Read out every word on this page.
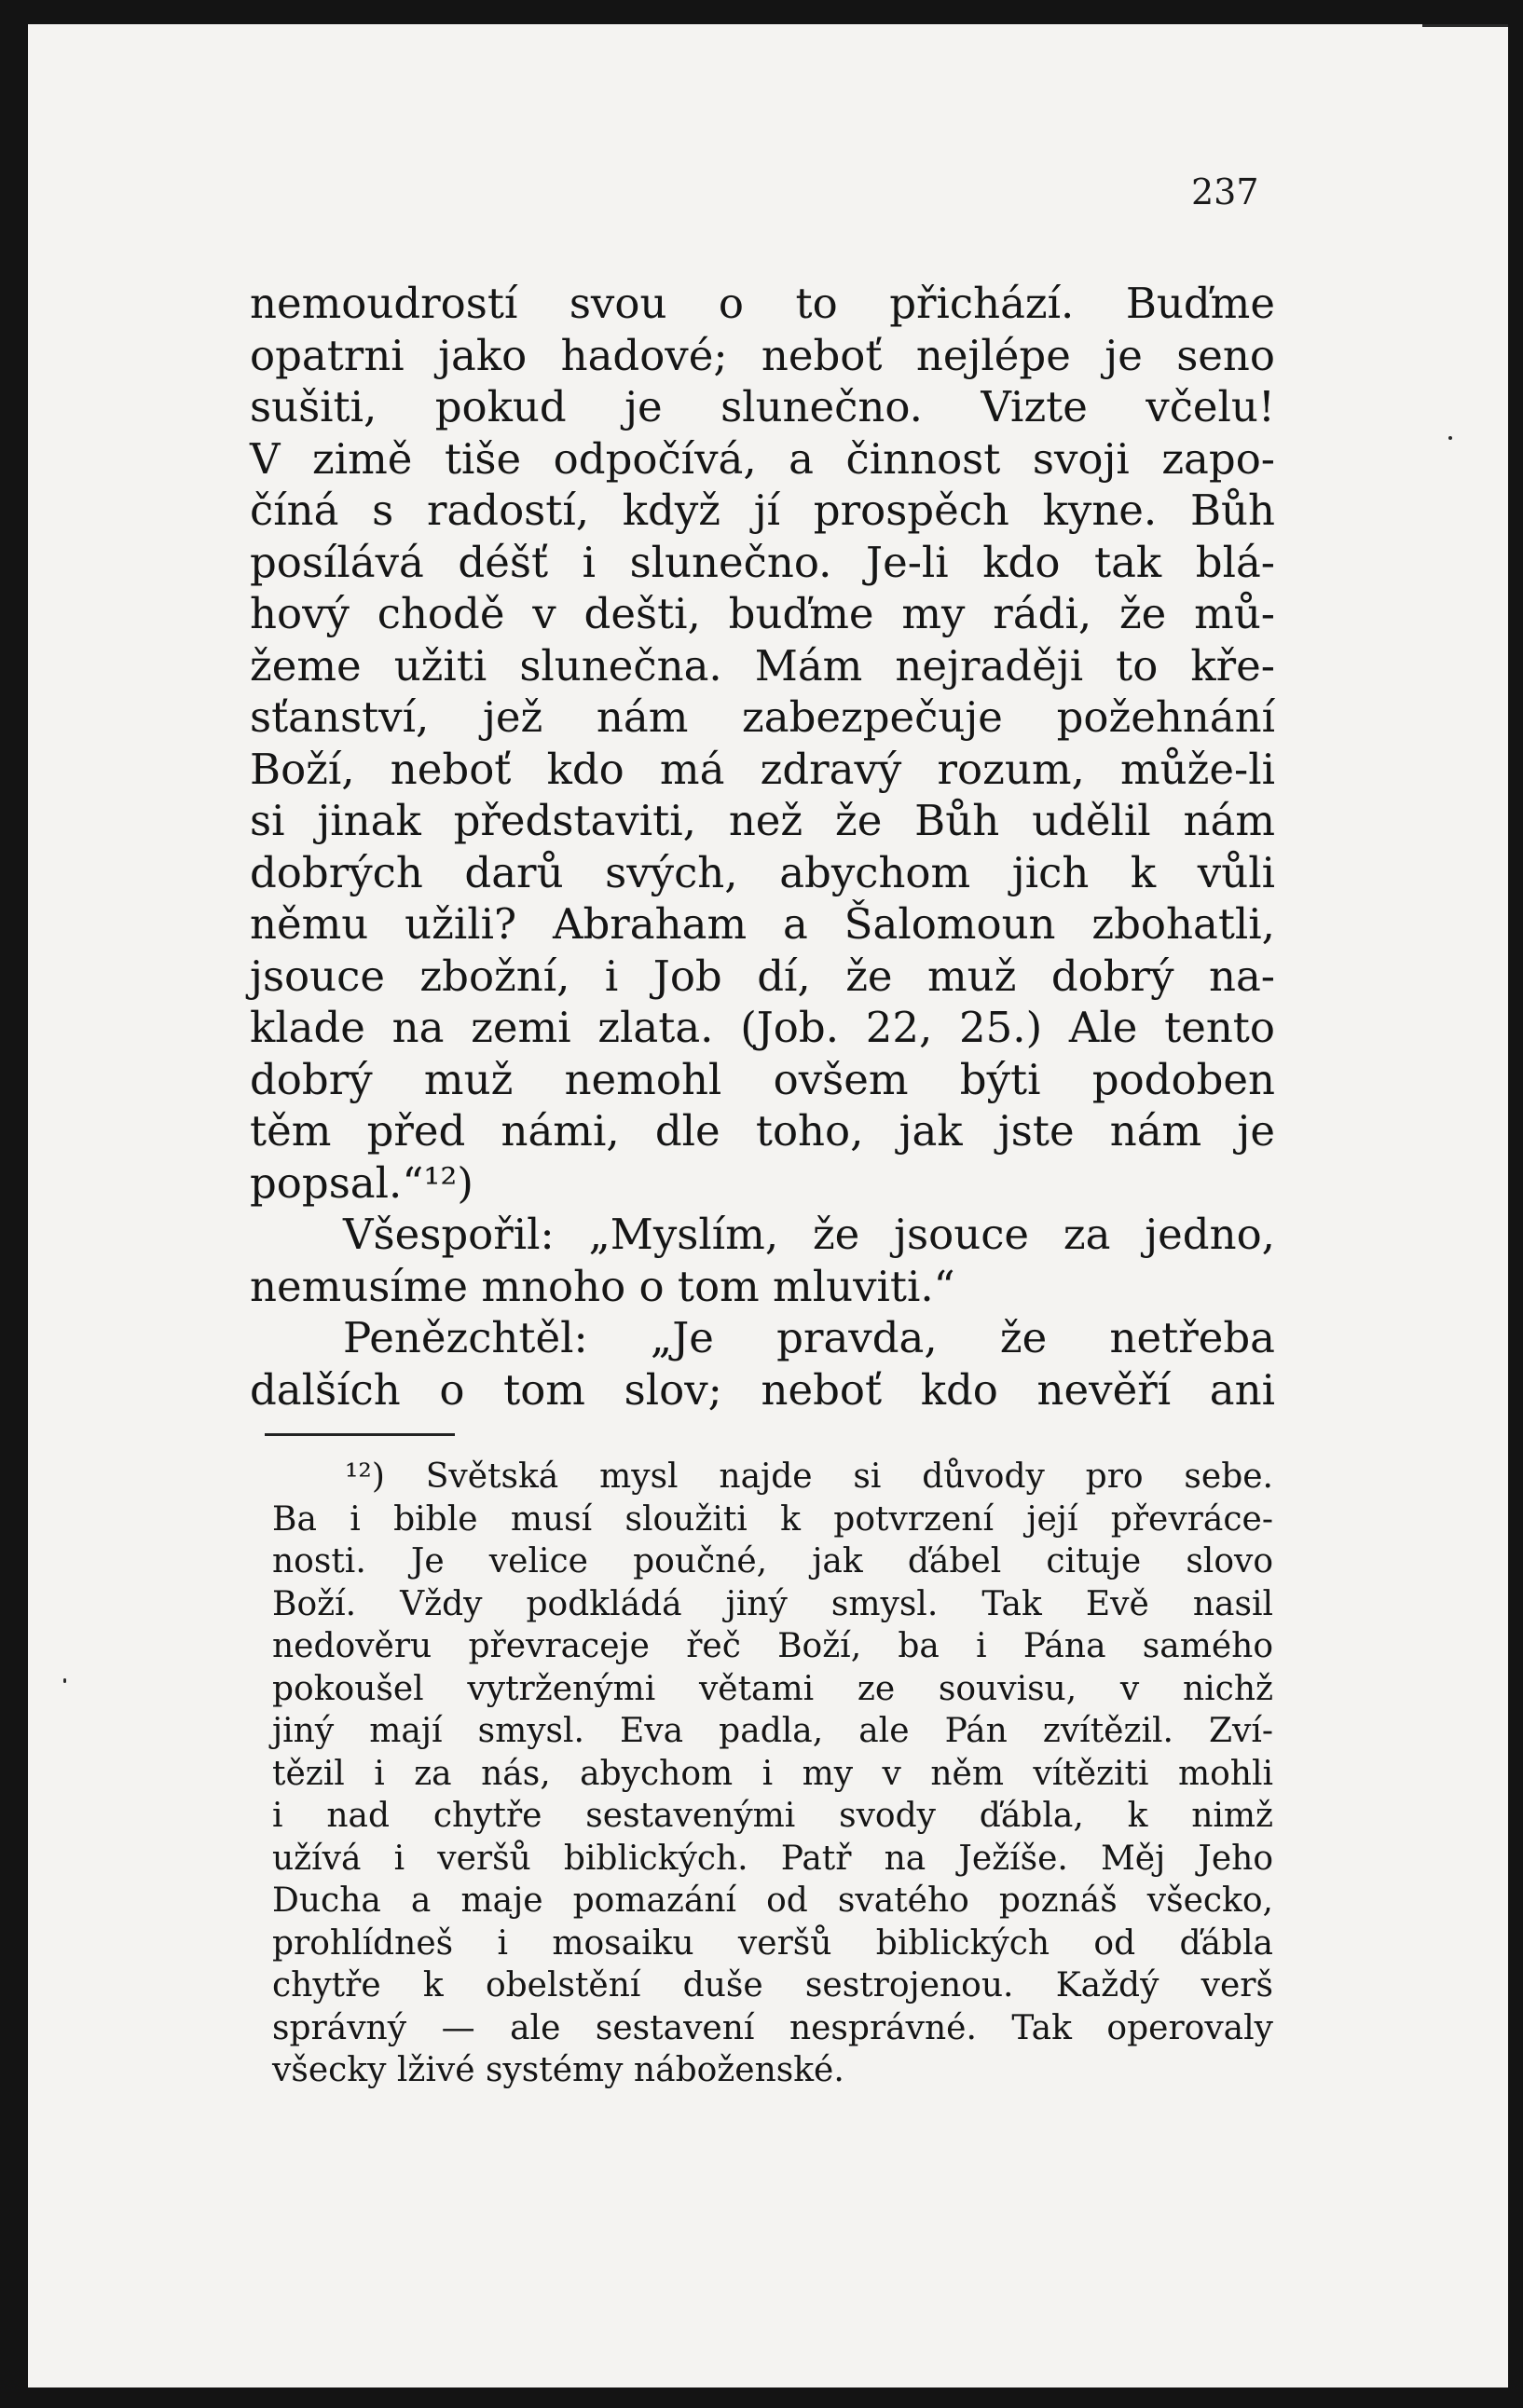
237
nemoudrostí svou o to přichází. Buďme
opatrni jako hadové; neboť nejlépe je seno
sušiti, pokud je slunečno. Vizte včelu!
V zimě tiše odpočívá, a činnost svoji zapo-
číná s radostí, když jí prospěch kyne. Bůh
posílává déšť i slunečno. Je-li kdo tak blá-
hový chodě v dešti, buďme my rádi, že mů-
žeme užiti slunečna. Mám nejraději to kře-
sťanství, jež nám zabezpečuje požehnání
Boží, neboť kdo má zdravý rozum, může-li
si jinak představiti, než že Bůh udělil nám
dobrých darů svých, abychom jich k vůli
němu užili? Abraham a Šalomoun zbohatli,
jsouce zbožní, i Job dí, že muž dobrý na-
klade na zemi zlata. (Job. 22, 25.) Ale tento
dobrý muž nemohl ovšem býti podoben
těm před námi, dle toho, jak jste nám je
popsal.“¹²)
Všespořil: „Myslím, že jsouce za jedno,
nemusíme mnoho o tom mluviti.“
Penězchtěl: „Je pravda, že netřeba
dalších o tom slov; neboť kdo nevěří ani
¹²) Světská mysl najde si důvody pro sebe.
Ba i bible musí sloužiti k potvrzení její převráce-
nosti. Je velice poučné, jak ďábel cituje slovo
Boží. Vždy podkládá jiný smysl. Tak Evě nasil
nedověru převraceje řeč Boží, ba i Pána samého
pokoušel vytrženými větami ze souvisu, v nichž
jiný mají smysl. Eva padla, ale Pán zvítězil. Zví-
tězil i za nás, abychom i my v něm vítěziti mohli
i nad chytře sestavenými svody ďábla, k nimž
užívá i veršů biblických. Patř na Ježíše. Měj Jeho
Ducha a maje pomazání od svatého poznáš všecko,
prohlídneš i mosaiku veršů biblických od ďábla
chytře k obelstění duše sestrojenou. Každý verš
správný — ale sestavení nesprávné. Tak operovaly
všecky lživé systémy náboženské.
